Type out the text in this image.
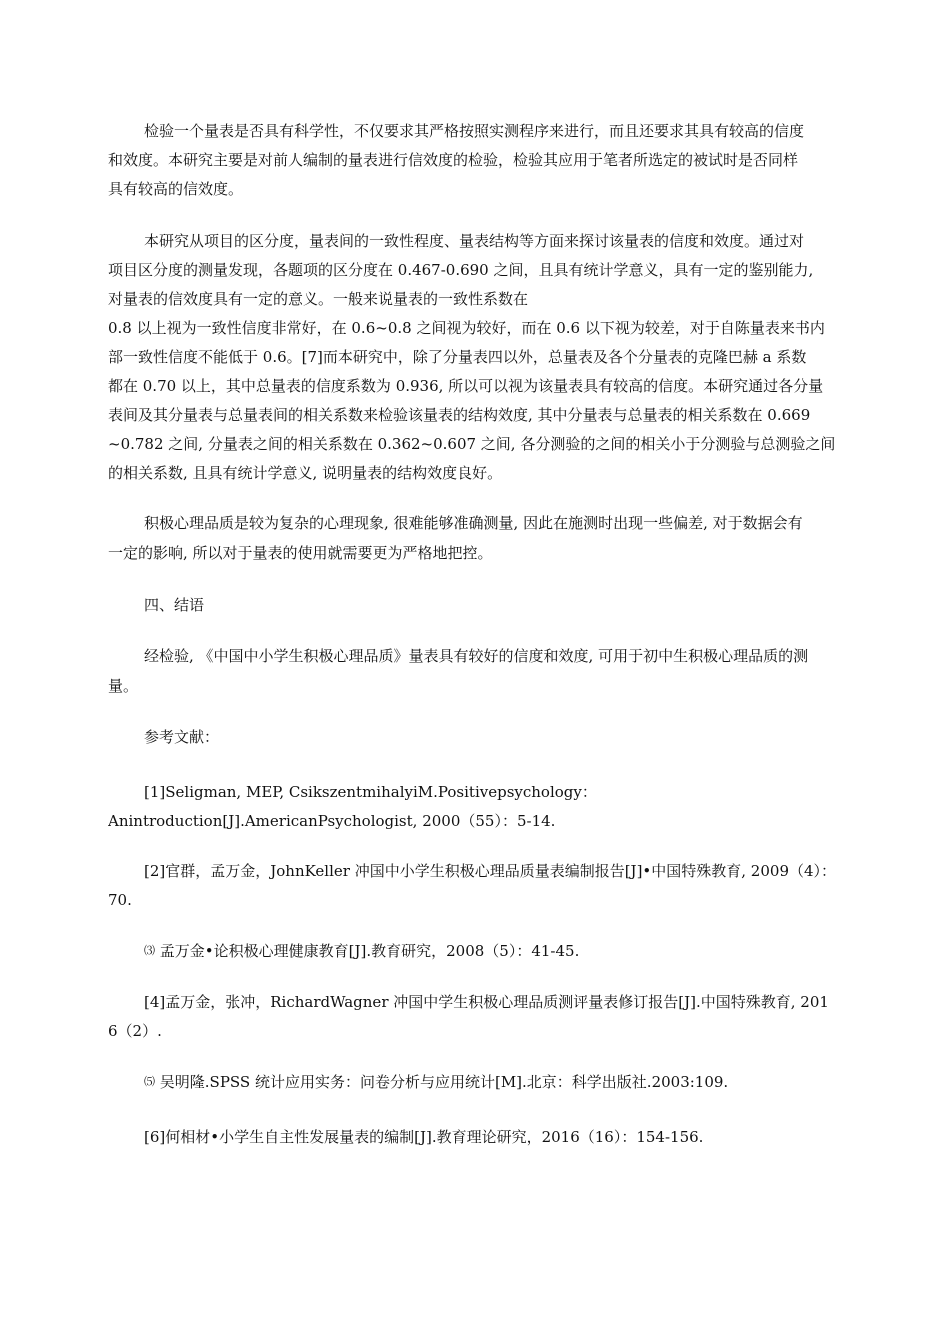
检验一个量表是否具有科学性，不仅要求其严格按照实测程序来进行，而且还要求其具有较高的信度
和效度。本研究主要是对前人编制的量表进行信效度的检验，检验其应用于笔者所选定的被试时是否同样
具有较高的信效度。
本研究从项目的区分度，量表间的一致性程度、量表结构等方面来探讨该量表的信度和效度。通过对
项目区分度的测量发现，各题项的区分度在 0.467-0.690 之间，且具有统计学意义，具有一定的鉴别能力,
对量表的信效度具有一定的意义。一般来说量表的一致性系数在
0.8 以上视为一致性信度非常好，在 0.6~0.8 之间视为较好，而在 0.6 以下视为较差，对于自陈量表来书内
部一致性信度不能低于 0.6。[7]而本研究中，除了分量表四以外，总量表及各个分量表的克隆巴赫 a 系数
都在 0.70 以上，其中总量表的信度系数为 0.936, 所以可以视为该量表具有较高的信度。本研究通过各分量
表间及其分量表与总量表间的相关系数来检验该量表的结构效度, 其中分量表与总量表的相关系数在 0.669
~0.782 之间, 分量表之间的相关系数在 0.362~0.607 之间, 各分测验的之间的相关小于分测验与总测验之间
的相关系数, 且具有统计学意义, 说明量表的结构效度良好。
积极心理品质是较为复杂的心理现象, 很难能够准确测量, 因此在施测时出现一些偏差, 对于数据会有
一定的影响, 所以对于量表的使用就需要更为严格地把控。
四、结语
经检验, 《中国中小学生积极心理品质》量表具有较好的信度和效度, 可用于初中生积极心理品质的测
量。
参考文献：
[1]Seligman, MEP, CsikszentmihalyiM.Positivepsychology：
Anintroduction[J].AmericanPsychologist, 2000（55）：5-14.
[2]官群，孟万金，JohnKeller 冲国中小学生积极心理品质量表编制报告[J]•中国特殊教育, 2009（4）：
70.
⑶ 孟万金•论积极心理健康教育[J].教育研究，2008（5）：41-45.
[4]孟万金，张冲，RichardWagner 冲国中学生积极心理品质测评量表修订报告[J].中国特殊教育, 201
6（2）.
⑸ 吴明隆.SPSS 统计应用实务：问卷分析与应用统计[M].北京：科学出版社.2003:109.
[6]何相材•小学生自主性发展量表的编制[J].教育理论研究，2016（16）：154-156.
